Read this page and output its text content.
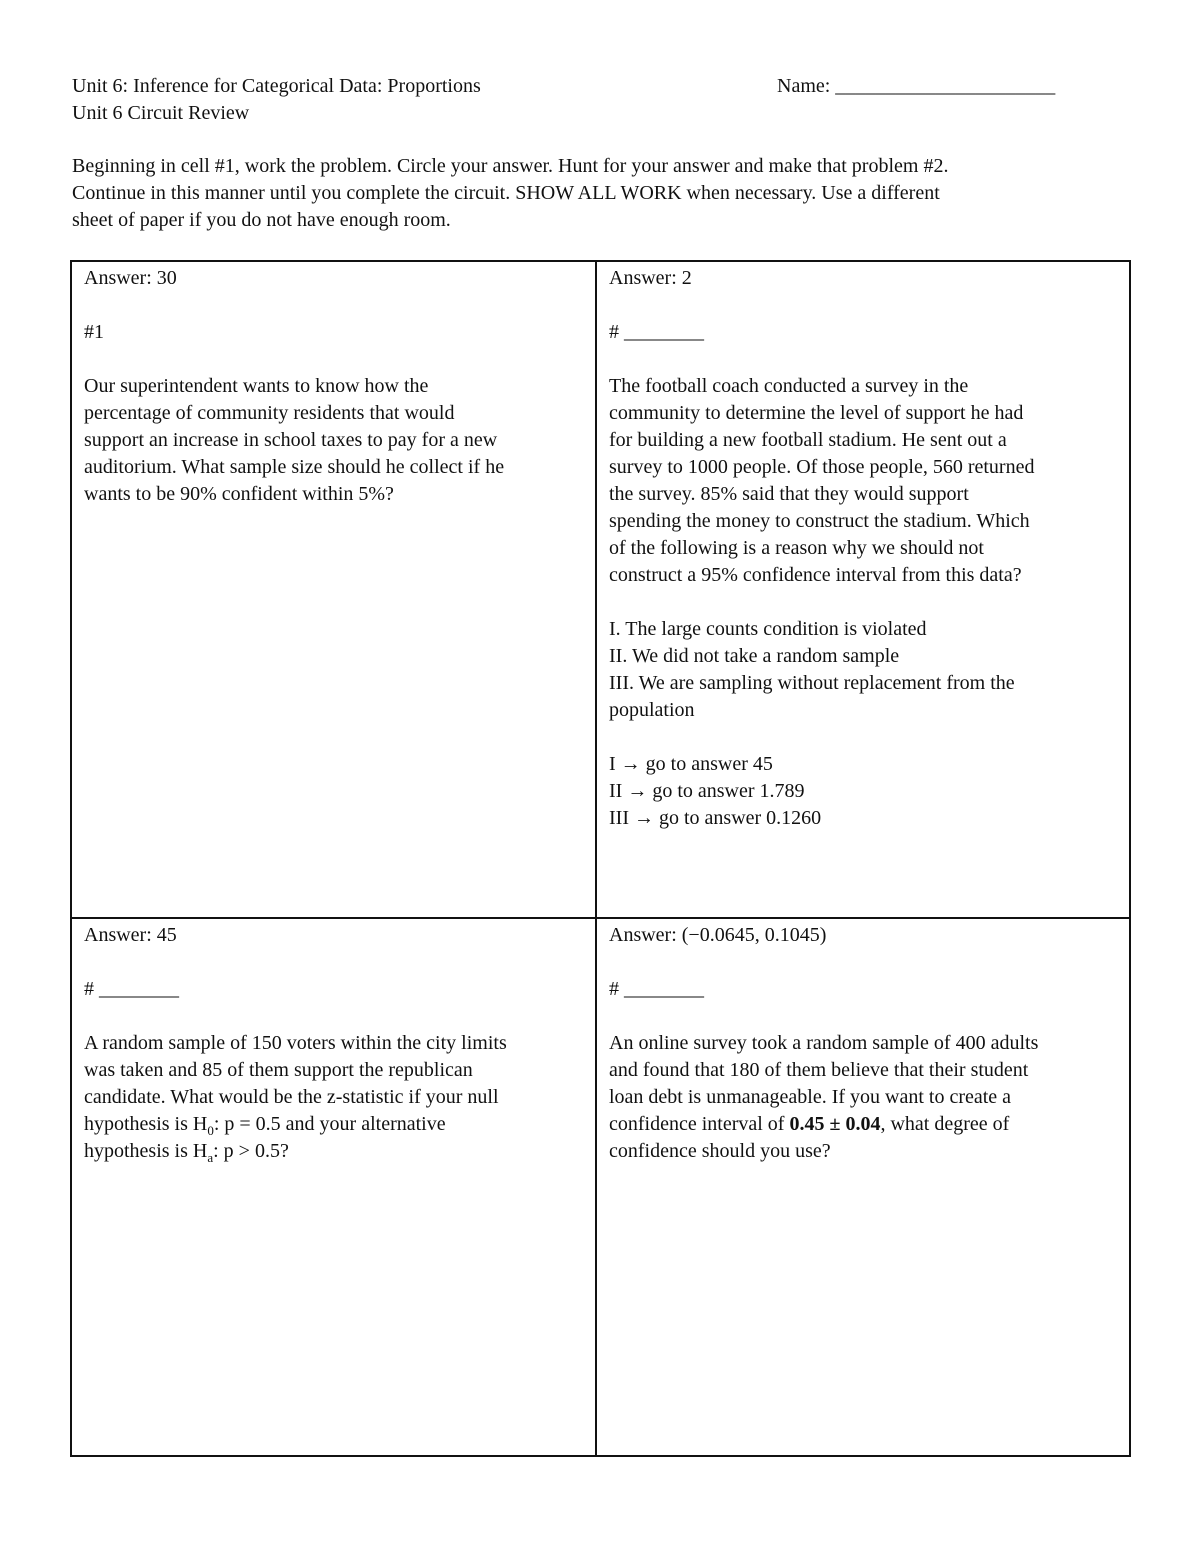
Unit 6: Inference for Categorical Data: Proportions
Unit 6 Circuit Review
Name: ______________________
Beginning in cell #1, work the problem. Circle your answer. Hunt for your answer and make that problem #2.
Continue in this manner until you complete the circuit. SHOW ALL WORK when necessary. Use a different
sheet of paper if you do not have enough room.
Answer: 30
#1
Our superintendent wants to know how the
percentage of community residents that would
support an increase in school taxes to pay for a new
auditorium. What sample size should he collect if he
wants to be 90% confident within 5%?
Answer: 2
# ________
The football coach conducted a survey in the
community to determine the level of support he had
for building a new football stadium. He sent out a
survey to 1000 people. Of those people, 560 returned
the survey. 85% said that they would support
spending the money to construct the stadium. Which
of the following is a reason why we should not
construct a 95% confidence interval from this data?
I. The large counts condition is violated
II. We did not take a random sample
III. We are sampling without replacement from the
population
I → go to answer 45
II → go to answer 1.789
III → go to answer 0.1260
Answer: 45
# ________
A random sample of 150 voters within the city limits
was taken and 85 of them support the republican
candidate. What would be the z-statistic if your null
hypothesis is $H_0$: p = 0.5 and your alternative
hypothesis is $H_a$: p > 0.5?
Answer: (−0.0645, 0.1045)
# ________
An online survey took a random sample of 400 adults
and found that 180 of them believe that their student
loan debt is unmanageable. If you want to create a
confidence interval of 0.45 ± 0.04, what degree of
confidence should you use?
